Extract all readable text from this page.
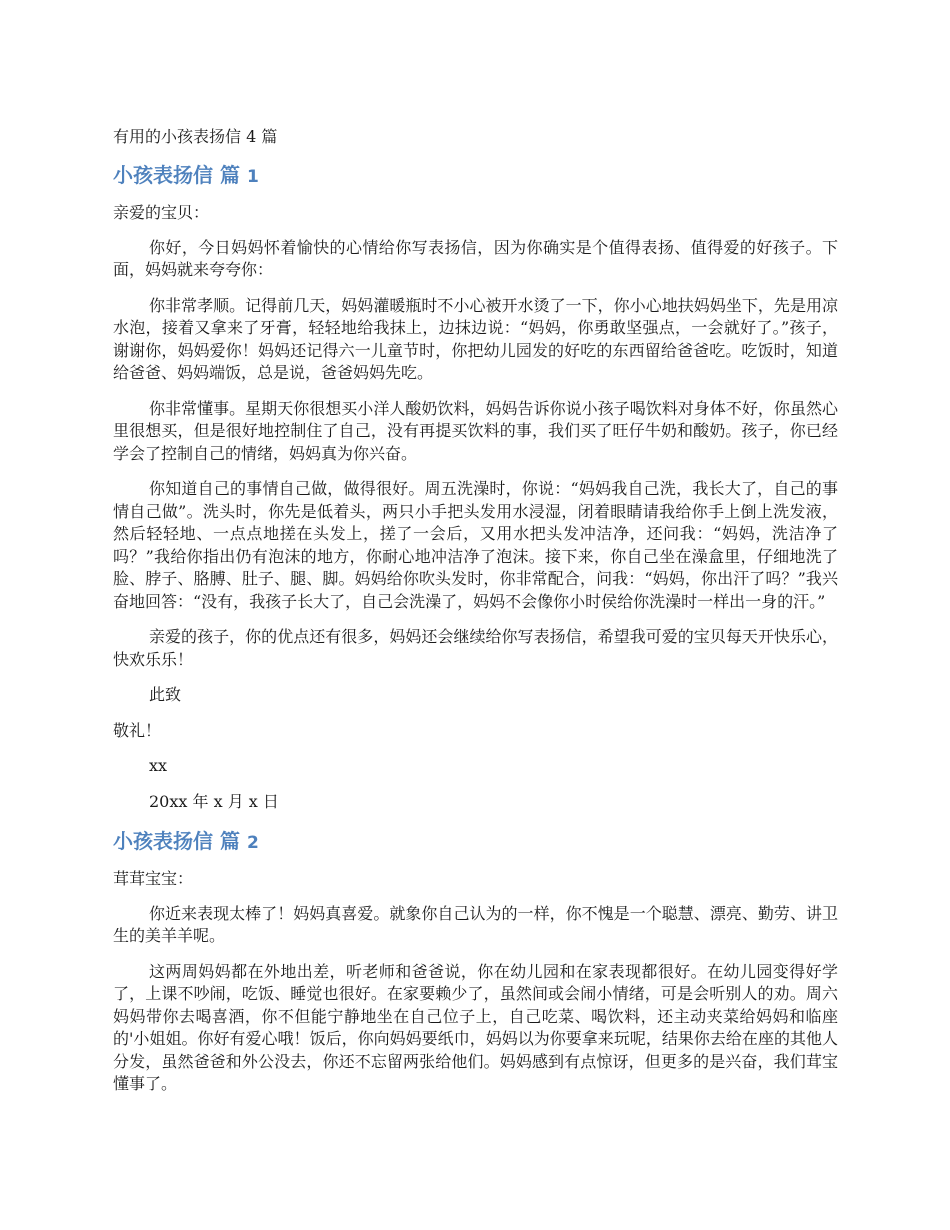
有用的小孩表扬信 4 篇
小孩表扬信 篇 1
亲爱的宝贝：
你好，今日妈妈怀着愉快的心情给你写表扬信，因为你确实是个值得表扬、值得爱的好孩子。下面，妈妈就来夸夸你：
你非常孝顺。记得前几天，妈妈灌暖瓶时不小心被开水烫了一下，你小心地扶妈妈坐下，先是用凉水泡，接着又拿来了牙膏，轻轻地给我抹上，边抹边说：“妈妈，你勇敢坚强点，一会就好了。”孩子，谢谢你，妈妈爱你！妈妈还记得六一儿童节时，你把幼儿园发的好吃的东西留给爸爸吃。吃饭时，知道给爸爸、妈妈端饭，总是说，爸爸妈妈先吃。
你非常懂事。星期天你很想买小洋人酸奶饮料，妈妈告诉你说小孩子喝饮料对身体不好，你虽然心里很想买，但是很好地控制住了自己，没有再提买饮料的事，我们买了旺仔牛奶和酸奶。孩子，你已经学会了控制自己的情绪，妈妈真为你兴奋。
你知道自己的事情自己做，做得很好。周五洗澡时，你说：“妈妈我自己洗，我长大了，自己的事情自己做”。洗头时，你先是低着头，两只小手把头发用水浸湿，闭着眼睛请我给你手上倒上洗发液，然后轻轻地、一点点地搓在头发上，搓了一会后，又用水把头发冲洁净，还问我：“妈妈，洗洁净了吗？”我给你指出仍有泡沫的地方，你耐心地冲洁净了泡沫。接下来，你自己坐在澡盒里，仔细地洗了脸、脖子、胳膊、肚子、腿、脚。妈妈给你吹头发时，你非常配合，问我：“妈妈，你出汗了吗？”我兴奋地回答：“没有，我孩子长大了，自己会洗澡了，妈妈不会像你小时侯给你洗澡时一样出一身的汗。”
亲爱的孩子，你的优点还有很多，妈妈还会继续给你写表扬信，希望我可爱的宝贝每天开快乐心，快欢乐乐！
此致
敬礼！
xx
20xx 年 x 月 x 日
小孩表扬信 篇 2
茸茸宝宝：
你近来表现太棒了！妈妈真喜爱。就象你自己认为的一样，你不愧是一个聪慧、漂亮、勤劳、讲卫生的美羊羊呢。
这两周妈妈都在外地出差，听老师和爸爸说，你在幼儿园和在家表现都很好。在幼儿园变得好学了，上课不吵闹，吃饭、睡觉也很好。在家要赖少了，虽然间或会闹小情绪，可是会听别人的劝。周六妈妈带你去喝喜酒，你不但能宁静地坐在自己位子上，自己吃菜、喝饮料，还主动夹菜给妈妈和临座的'小姐姐。你好有爱心哦！饭后，你向妈妈要纸巾，妈妈以为你要拿来玩呢，结果你去给在座的其他人分发，虽然爸爸和外公没去，你还不忘留两张给他们。妈妈感到有点惊讶，但更多的是兴奋，我们茸宝懂事了。
